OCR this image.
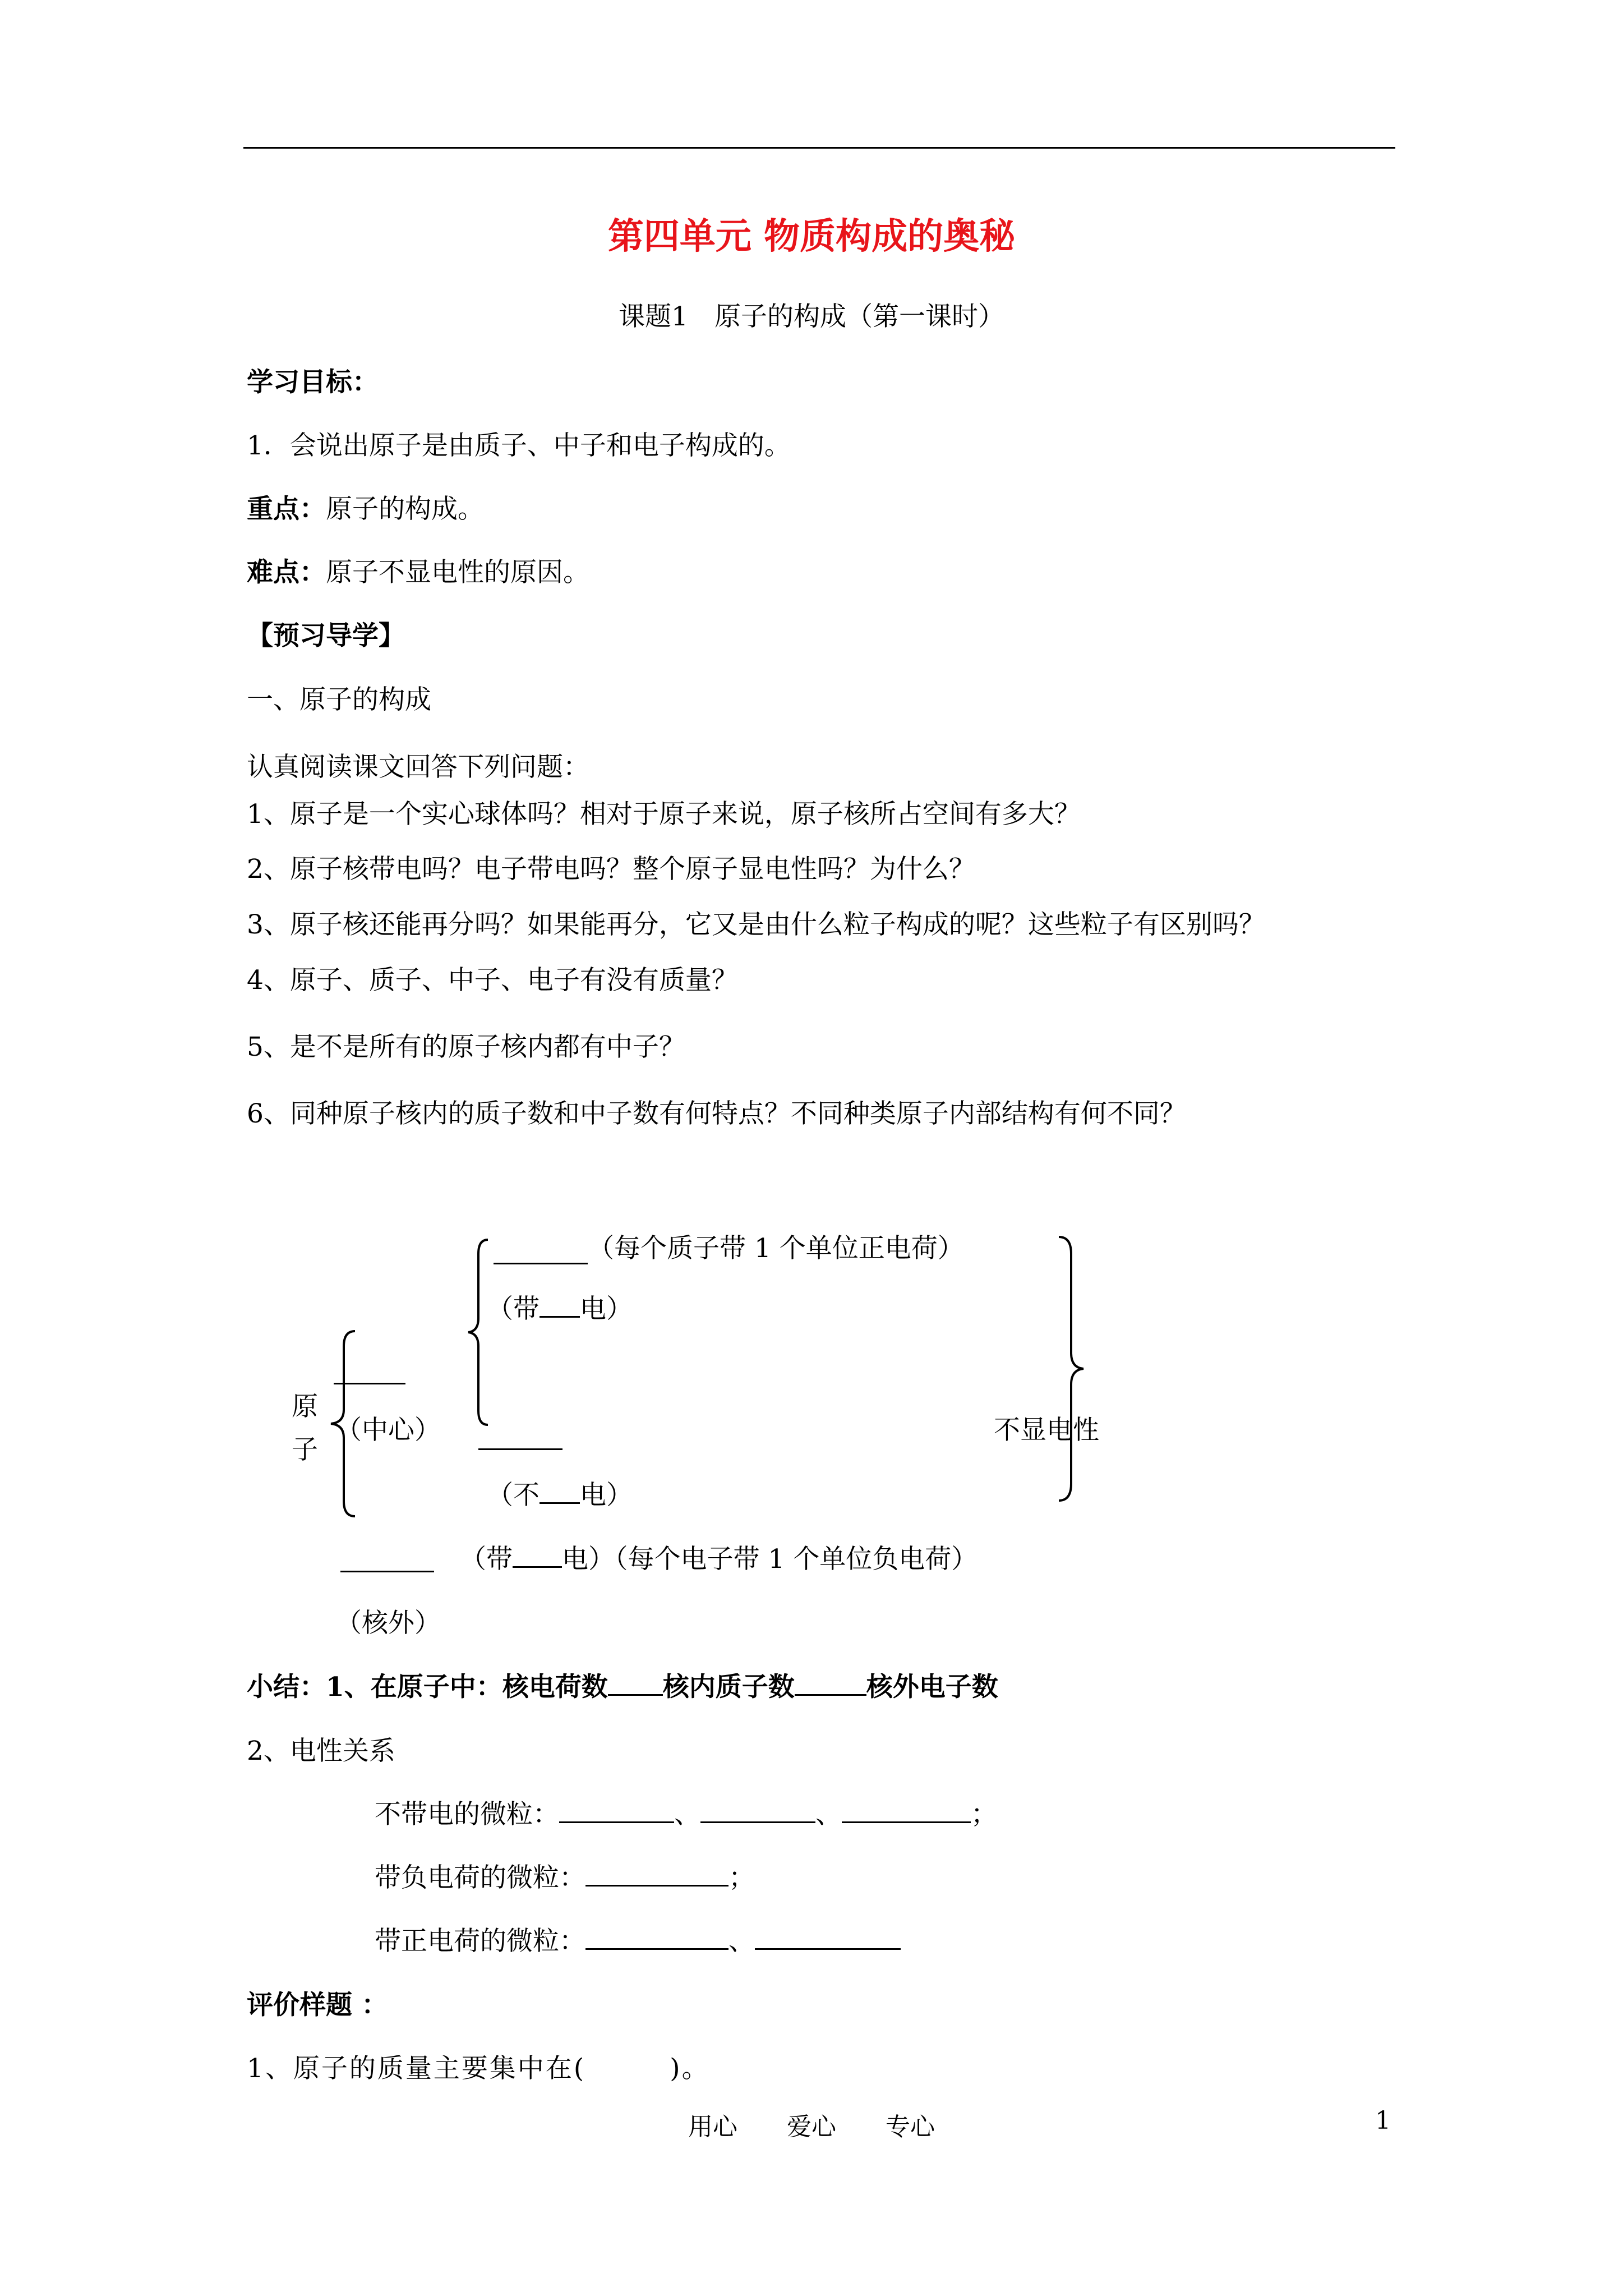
第四单元 物质构成的奥秘
课题1　原子的构成（第一课时）
学习目标：
1．会说出原子是由质子、中子和电子构成的。
重点：原子的构成。
难点：原子不显电性的原因。
【预习导学】
一、原子的构成
认真阅读课文回答下列问题：
1、原子是一个实心球体吗？相对于原子来说，原子核所占空间有多大？
2、原子核带电吗？电子带电吗？整个原子显电性吗？为什么？
3、原子核还能再分吗？如果能再分，它又是由什么粒子构成的呢？这些粒子有区别吗？
4、原子、质子、中子、电子有没有质量？
5、是不是所有的原子核内都有中子？
6、同种原子核内的质子数和中子数有何特点？不同种类原子内部结构有何不同？
（每个质子带 1 个单位正电荷）
（带 电）
原
子
（中心）
（不 电）
不显电性
（带 电）（每个电子带 1 个单位负电荷）
（核外）
小结：1、在原子中：核电荷数 核内质子数	核外电子数
2、电性关系
不带电的微粒：	、	、	；
带负电荷的微粒：	；
带正电荷的微粒：	、
评价样题 ：
1、原子的质量主要集中在(　　　)。
用心　　爱心　　专心	1
